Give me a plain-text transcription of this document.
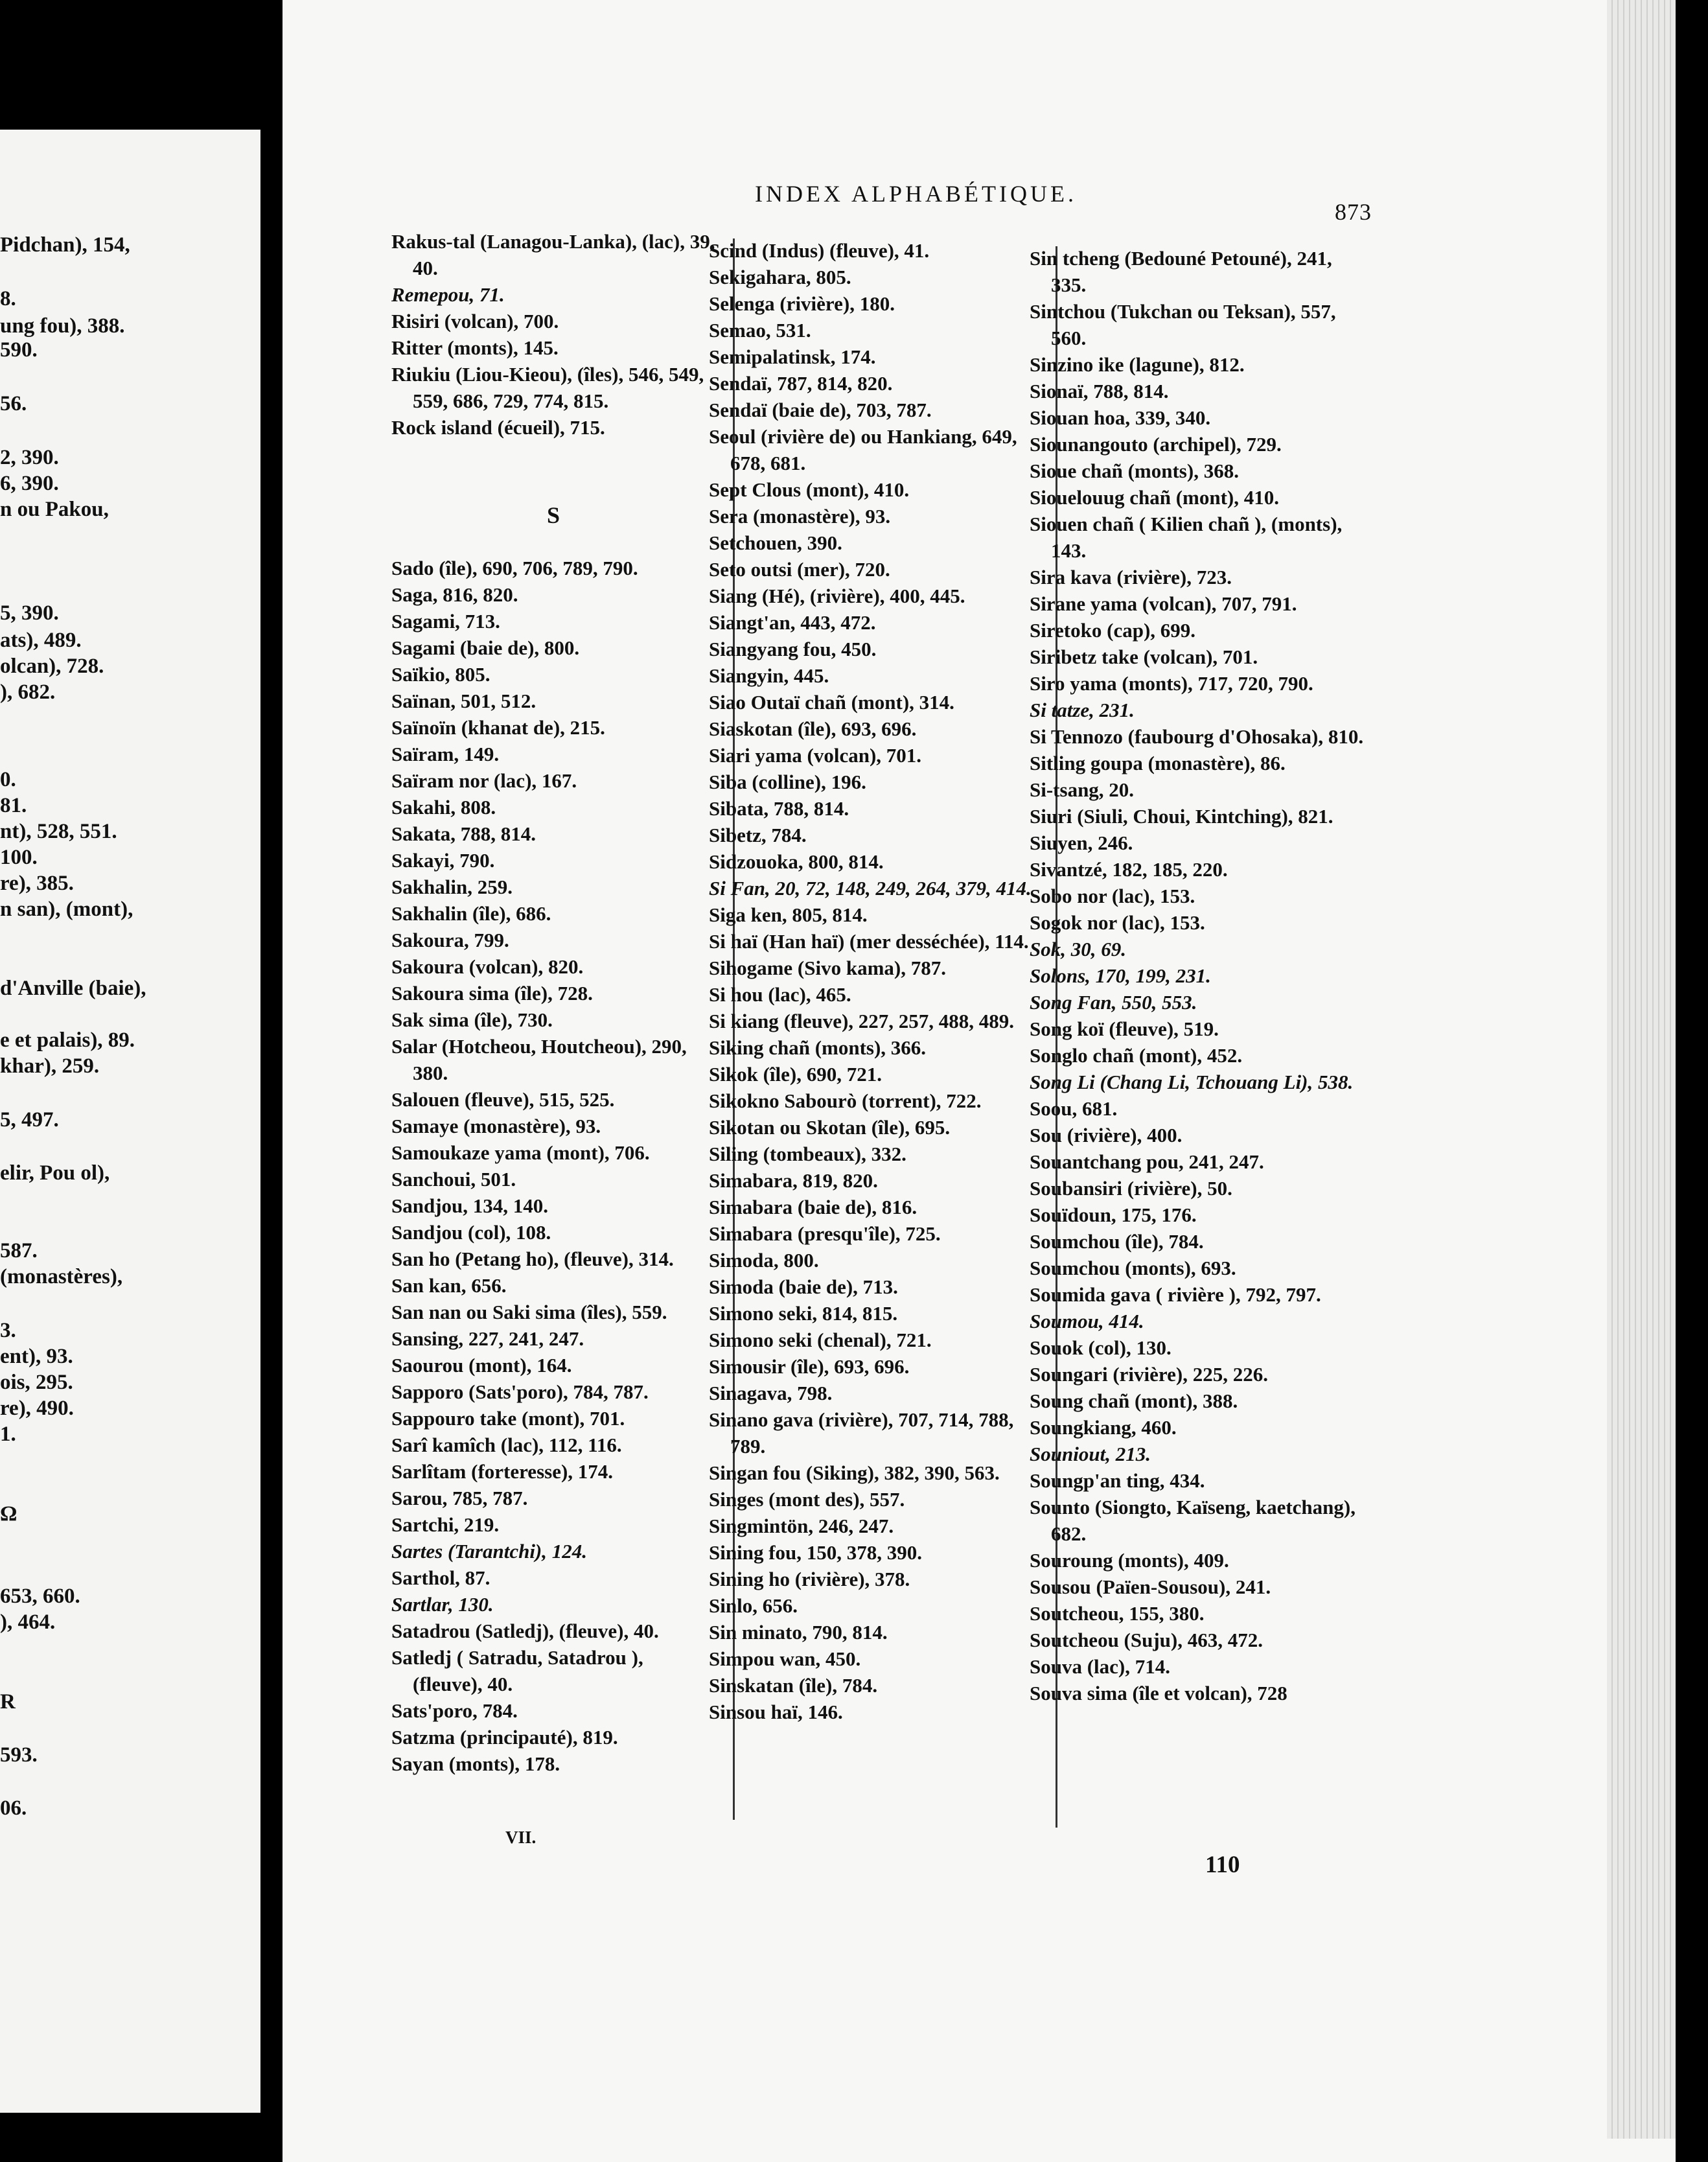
Pidchan), 154,
8.
ung fou), 388.
590.
56.
2, 390.
6, 390.
n ou Pakou,
5, 390.
ats), 489.
olcan), 728.
), 682.
0.
81.
nt), 528, 551.
100.
re), 385.
n san), (mont),
d'Anville (baie),
e et palais), 89.
khar), 259.
5, 497.
elir, Pou ol),
587.
(monastères),
3.
ent), 93.
ois, 295.
re), 490.
1.
Ω
653, 660.
), 464.
R
593.
06.
INDEX ALPHABÉTIQUE.
873
Rakus-tal (Lanagou-Lanka), (lac), 39, 40.
Remepou, 71.
Risiri (volcan), 700.
Ritter (monts), 145.
Riukiu (Liou-Kieou), (îles), 546, 549, 559, 686, 729, 774, 815.
Rock island (écueil), 715.
S
Sado (île), 690, 706, 789, 790.
Saga, 816, 820.
Sagami, 713.
Sagami (baie de), 800.
Saïkio, 805.
Saïnan, 501, 512.
Saïnoïn (khanat de), 215.
Saïram, 149.
Saïram nor (lac), 167.
Sakahi, 808.
Sakata, 788, 814.
Sakayi, 790.
Sakhalin, 259.
Sakhalin (île), 686.
Sakoura, 799.
Sakoura (volcan), 820.
Sakoura sima (île), 728.
Sak sima (île), 730.
Salar (Hotcheou, Houtcheou), 290, 380.
Salouen (fleuve), 515, 525.
Samaye (monastère), 93.
Samoukaze yama (mont), 706.
Sanchoui, 501.
Sandjou, 134, 140.
Sandjou (col), 108.
San ho (Petang ho), (fleuve), 314.
San kan, 656.
San nan ou Saki sima (îles), 559.
Sansing, 227, 241, 247.
Saourou (mont), 164.
Sapporo (Sats'poro), 784, 787.
Sappouro take (mont), 701.
Sarî kamîch (lac), 112, 116.
Sarlîtam (forteresse), 174.
Sarou, 785, 787.
Sartchi, 219.
Sartes (Tarantchi), 124.
Sarthol, 87.
Sartlar, 130.
Satadrou (Satledj), (fleuve), 40.
Satledj ( Satradu, Satadrou ), (fleuve), 40.
Sats'poro, 784.
Satzma (principauté), 819.
Sayan (monts), 178.
Scind (Indus) (fleuve), 41.
Sekigahara, 805.
Selenga (rivière), 180.
Semao, 531.
Semipalatinsk, 174.
Sendaï, 787, 814, 820.
Sendaï (baie de), 703, 787.
Seoul (rivière de) ou Hankiang, 649, 678, 681.
Sept Clous (mont), 410.
Sera (monastère), 93.
Setchouen, 390.
Seto outsi (mer), 720.
Siang (Hé), (rivière), 400, 445.
Siangt'an, 443, 472.
Siangyang fou, 450.
Siangyin, 445.
Siao Outaï chañ (mont), 314.
Siaskotan (île), 693, 696.
Siari yama (volcan), 701.
Siba (colline), 196.
Sibata, 788, 814.
Sibetz, 784.
Sidzouoka, 800, 814.
Si Fan, 20, 72, 148, 249, 264, 379, 414.
Siga ken, 805, 814.
Si haï (Han haï) (mer desséchée), 114.
Sihogame (Sivo kama), 787.
Si hou (lac), 465.
Si kiang (fleuve), 227, 257, 488, 489.
Siking chañ (monts), 366.
Sikok (île), 690, 721.
Sikokno Sabourò (torrent), 722.
Sikotan ou Skotan (île), 695.
Siling (tombeaux), 332.
Simabara, 819, 820.
Simabara (baie de), 816.
Simabara (presqu'île), 725.
Simoda, 800.
Simoda (baie de), 713.
Simono seki, 814, 815.
Simono seki (chenal), 721.
Simousir (île), 693, 696.
Sinagava, 798.
Sinano gava (rivière), 707, 714, 788, 789.
Singan fou (Siking), 382, 390, 563.
Singes (mont des), 557.
Singmintön, 246, 247.
Sining fou, 150, 378, 390.
Sining ho (rivière), 378.
Sinlo, 656.
Sin minato, 790, 814.
Simpou wan, 450.
Sinskatan (île), 784.
Sinsou haï, 146.
Sin tcheng (Bedouné Petouné), 241, 335.
Sintchou (Tukchan ou Teksan), 557, 560.
Sinzino ike (lagune), 812.
Sionaï, 788, 814.
Siouan hoa, 339, 340.
Siounangouto (archipel), 729.
Sioue chañ (monts), 368.
Siouelouug chañ (mont), 410.
Siouen chañ ( Kilien chañ ), (monts), 143.
Sira kava (rivière), 723.
Sirane yama (volcan), 707, 791.
Siretoko (cap), 699.
Siribetz take (volcan), 701.
Siro yama (monts), 717, 720, 790.
Si tatze, 231.
Si Tennozo (faubourg d'Ohosaka), 810.
Sitling goupa (monastère), 86.
Si-tsang, 20.
Siuri (Siuli, Choui, Kintching), 821.
Siuyen, 246.
Sivantzé, 182, 185, 220.
Sobo nor (lac), 153.
Sogok nor (lac), 153.
Sok, 30, 69.
Solons, 170, 199, 231.
Song Fan, 550, 553.
Song koï (fleuve), 519.
Songlo chañ (mont), 452.
Song Li (Chang Li, Tchouang Li), 538.
Soou, 681.
Sou (rivière), 400.
Souantchang pou, 241, 247.
Soubansiri (rivière), 50.
Souïdoun, 175, 176.
Soumchou (île), 784.
Soumchou (monts), 693.
Soumida gava ( rivière ), 792, 797.
Soumou, 414.
Souok (col), 130.
Soungari (rivière), 225, 226.
Soung chañ (mont), 388.
Soungkiang, 460.
Souniout, 213.
Soungp'an ting, 434.
Sounto (Siongto, Kaïseng, kaetchang), 682.
Souroung (monts), 409.
Sousou (Païen-Sousou), 241.
Soutcheou, 155, 380.
Soutcheou (Suju), 463, 472.
Souva (lac), 714.
Souva sima (île et volcan), 728
VII.
110
